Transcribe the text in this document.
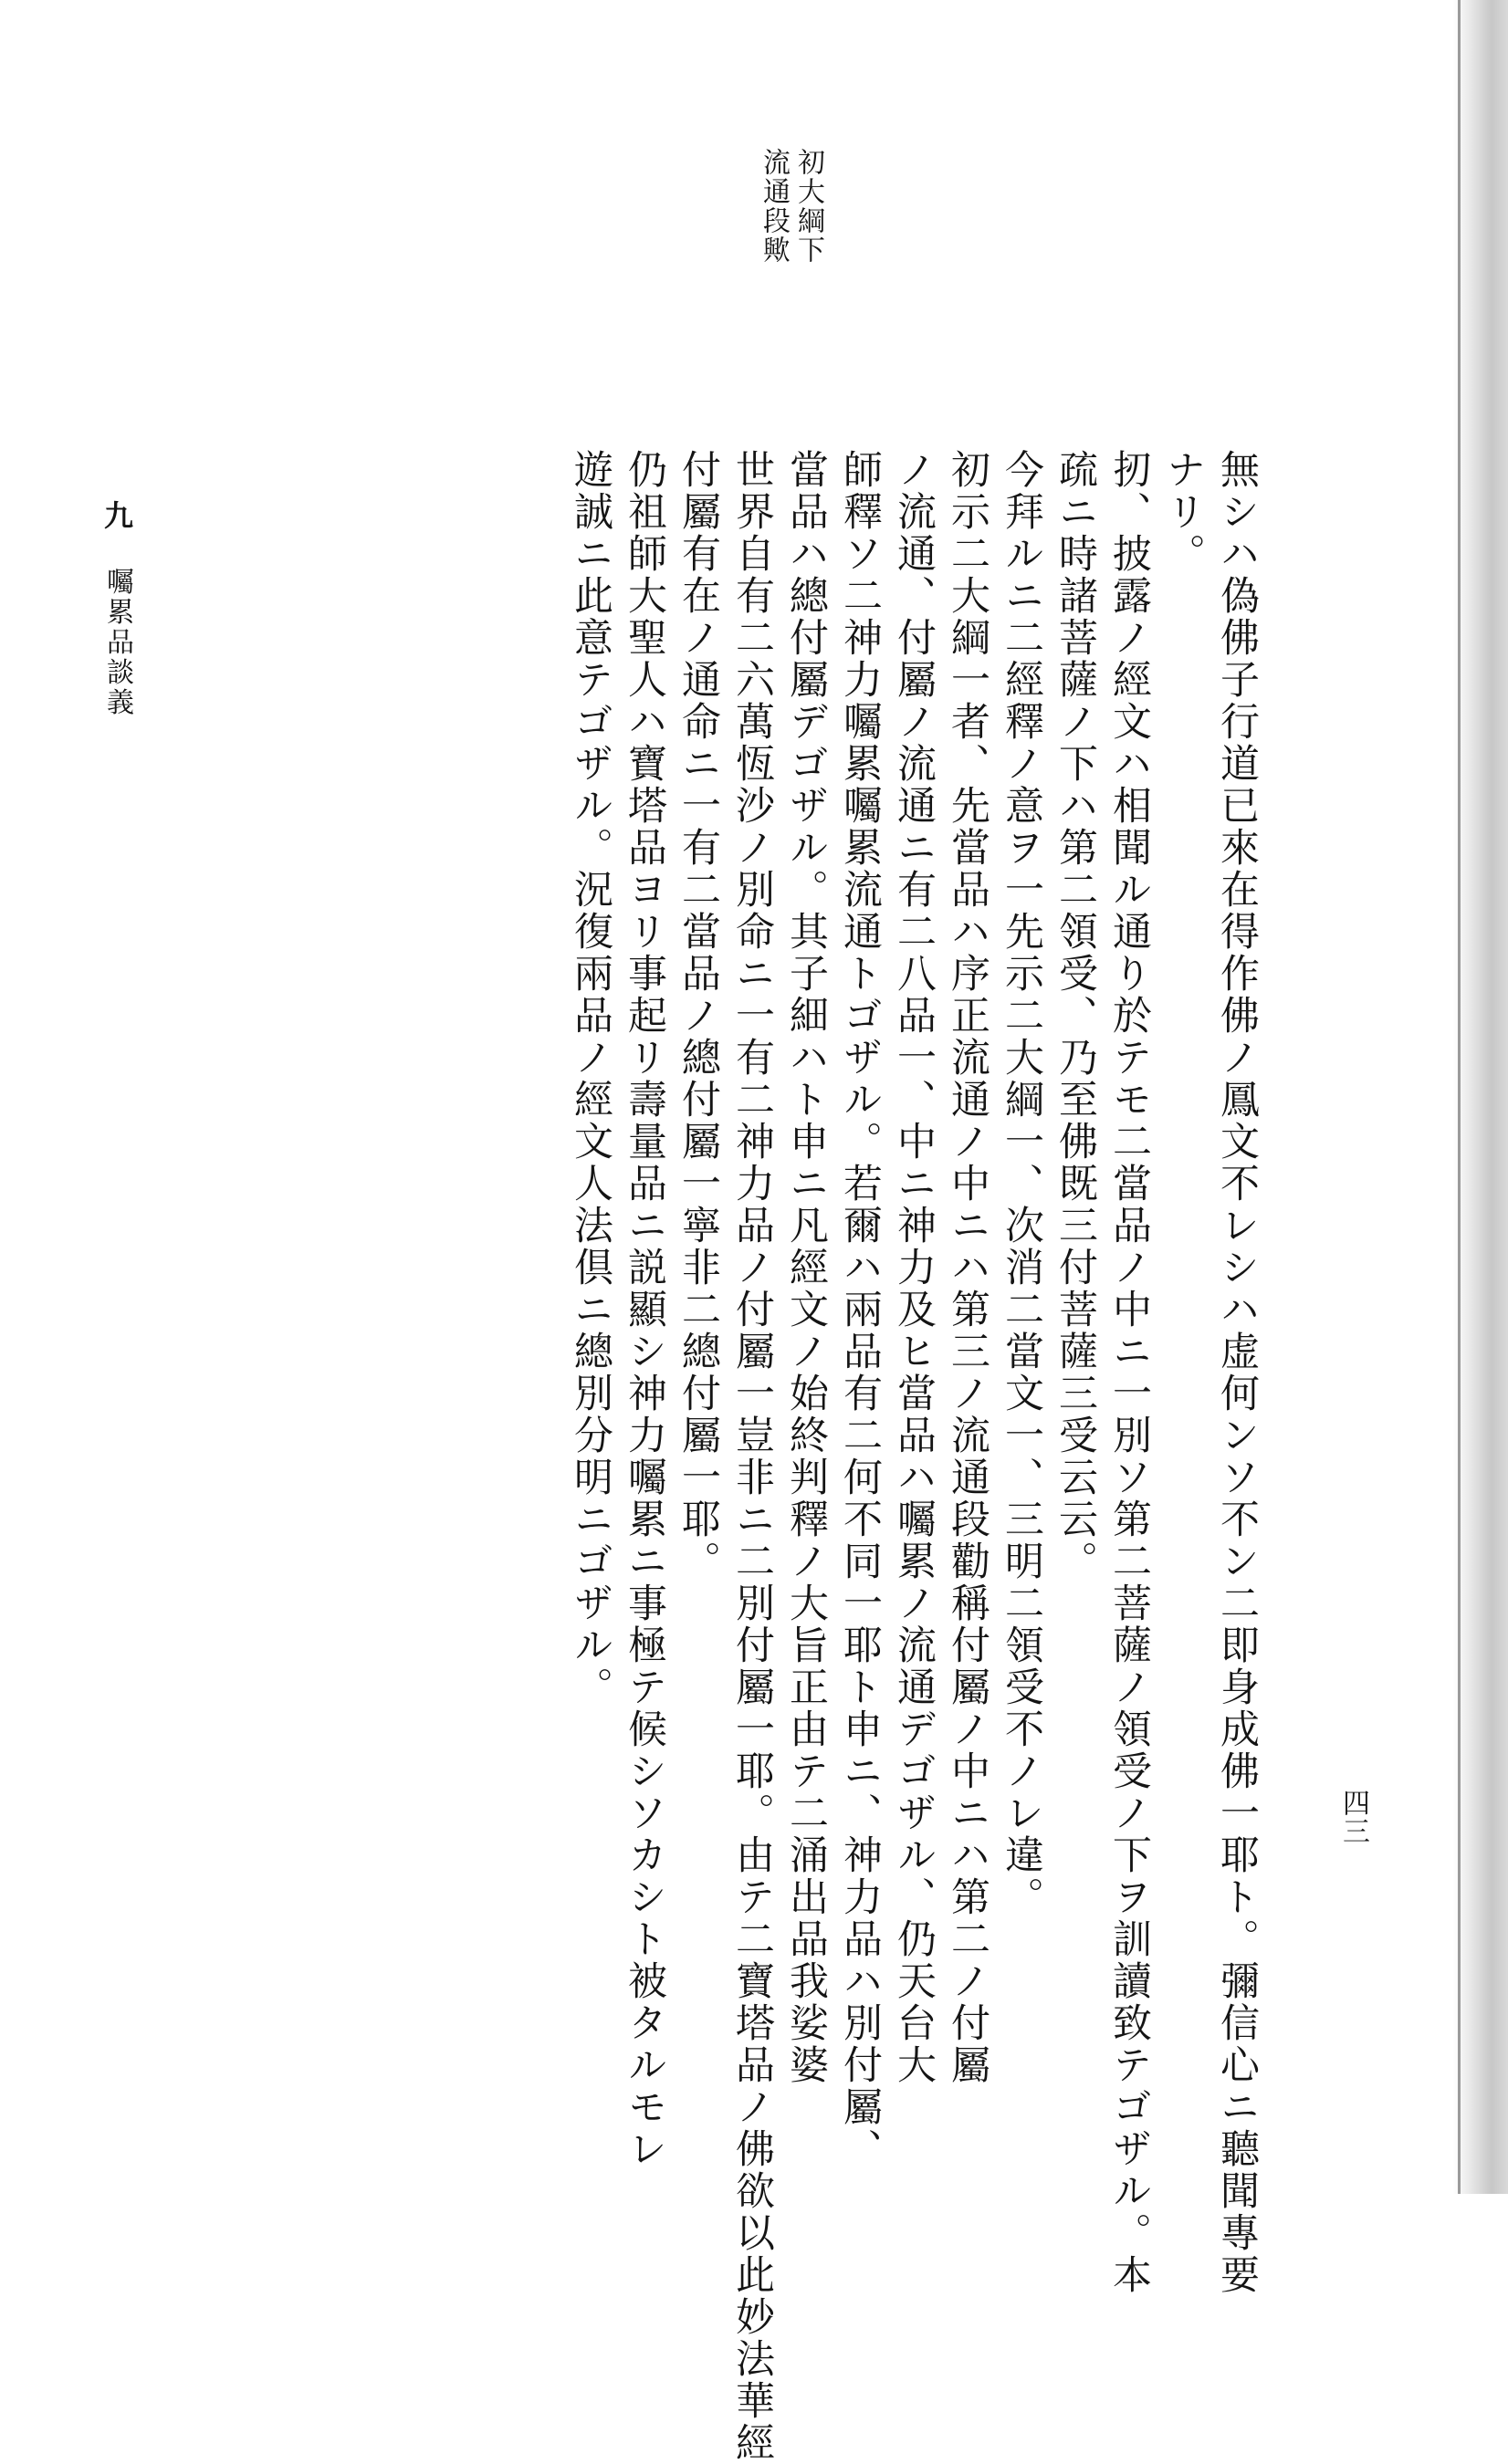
初大綱下
流通段歟

無シハ偽佛子行道已來在得作佛ノ鳳文不レシハ虚何ンソ不ン二即身成佛一耶ト。彌信心ニ聽聞專要

ナリ。

扨、披露ノ經文ハ相聞ル通り於テモ二當品ノ中ニ一別ソ第二菩薩ノ領受ノ下ヲ訓讀致テゴザル。本

疏ニ時諸菩薩ノ下ハ第二領受、乃至佛既三付菩薩三受云云。

今拜ルニ二經釋ノ意ヲ一先示二大綱一、次消二當文一、三明二領受不ノレ違。

初示二大綱一者、先當品ハ序正流通ノ中ニハ第三ノ流通段勸稱付屬ノ中ニハ第二ノ付屬

ノ流通、付屬ノ流通ニ有二八品一、中ニ神力及ヒ當品ハ囑累ノ流通デゴザル、仍天台大

師釋ソ二神力囑累囑累流通トゴザル。若爾ハ兩品有二何不同一耶ト申ニ、神力品ハ別付屬、

當品ハ總付屬デゴザル。其子細ハト申ニ凡經文ノ始終判釋ノ大旨正由テ二涌出品我娑婆

世界自有二六萬恆沙ノ別命ニ一有二神力品ノ付屬一豈非ニ二別付屬一耶。由テ二寶塔品ノ佛欲以此妙法華經

付屬有在ノ通命ニ一有二當品ノ總付屬一寧非二總付屬一耶。

仍祖師大聖人ハ寶塔品ヨリ事起リ壽量品ニ説顯シ神力囑累ニ事極テ候シソカシト被タルモレ

遊誠ニ此意テゴザル。況復兩品ノ經文人法倶ニ總別分明ニゴザル。

九 囑累品談義
四三
